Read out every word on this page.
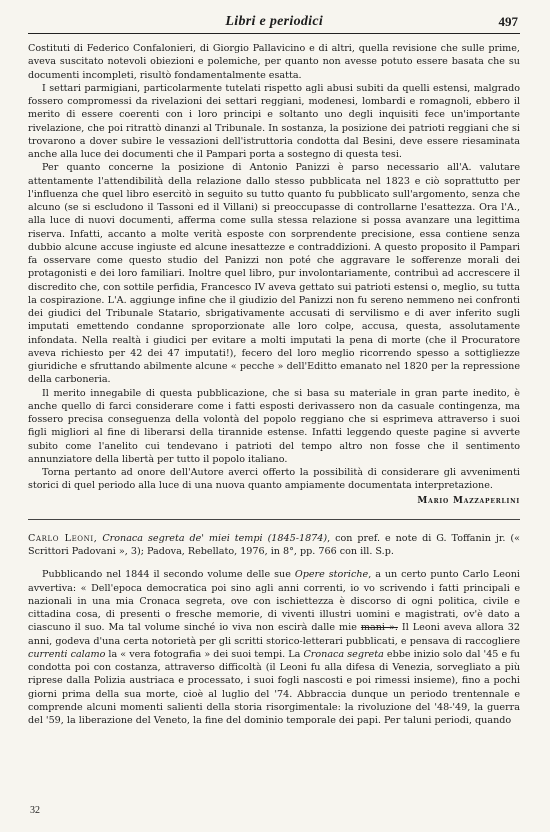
Libri e periodici	497

Costituti di Federico Confalonieri, di Giorgio Pallavicino e di altri, quella revisione che sulle prime, aveva suscitato notevoli obiezioni e polemiche, per quanto non avesse potuto essere basata che su documenti incompleti, risultò fondamentalmente esatta.

I settari parmigiani, particolarmente tutelati rispetto agli abusi subiti da quelli estensi, malgrado fossero compromessi da rivelazioni dei settari reggiani, modenesi, lombardi e romagnoli, ebbero il merito di essere coerenti con i loro principi e soltanto uno degli inquisiti fece un'importante rivelazione, che poi ritrattò dinanzi al Tribunale. In sostanza, la posizione dei patrioti reggiani che si trovarono a dover subire le vessazioni dell'istruttoria condotta dal Besini, deve essere riesaminata anche alla luce dei documenti che il Pampari porta a sostegno di questa tesi.

Per quanto concerne la posizione di Antonio Panizzi è parso necessario all'A. valutare attentamente l'attendibilità della relazione dallo stesso pubblicata nel 1823 e ciò soprattutto per l'influenza che quel libro esercitò in seguito su tutto quanto fu pubblicato sull'argomento, senza che alcuno (se si escludono il Tassoni ed il Villani) si preoccupasse di controllarne l'esattezza. Ora l'A., alla luce di nuovi documenti, afferma come sulla stessa relazione si possa avanzare una legittima riserva. Infatti, accanto a molte verità esposte con sorprendente precisione, essa contiene senza dubbio alcune accuse ingiuste ed alcune inesattezze e contraddizioni. A questo proposito il Pampari fa osservare come questo studio del Panizzi non poté che aggravare le sofferenze morali dei protagonisti e dei loro familiari. Inoltre quel libro, pur involontariamente, contribuì ad accrescere il discredito che, con sottile perfidia, Francesco IV aveva gettato sui patrioti estensi o, meglio, su tutta la cospirazione. L'A. aggiunge infine che il giudizio del Panizzi non fu sereno nemmeno nei confronti dei giudici del Tribunale Statario, sbrigativamente accusati di servilismo e di aver inferito sugli imputati emettendo condanne sproporzionate alle loro colpe, accusa, questa, assolutamente infondata. Nella realtà i giudici per evitare a molti imputati la pena di morte (che il Procuratore aveva richiesto per 42 dei 47 imputati!), fecero del loro meglio ricorrendo spesso a sottigliezze giuridiche e sfruttando abilmente alcune « pecche » dell'Editto emanato nel 1820 per la repressione della carboneria.

Il merito innegabile di questa pubblicazione, che si basa su materiale in gran parte inedito, è anche quello di farci considerare come i fatti esposti derivassero non da casuale contingenza, ma fossero precisa conseguenza della volontà del popolo reggiano che si esprimeva attraverso i suoi figli migliori al fine di liberarsi della tirannide estense. Infatti leggendo queste pagine si avverte subito come l'anelito cui tendevano i patrioti del tempo altro non fosse che il sentimento annunziatore della libertà per tutto il popolo italiano.

Torna pertanto ad onore dell'Autore averci offerto la possibilità di considerare gli avvenimenti storici di quel periodo alla luce di una nuova quanto ampiamente documentata interpretazione.

Mario Mazzaperlini
Carlo Leoni, Cronaca segreta de' miei tempi (1845-1874), con pref. e note di G. Toffanin jr. (« Scrittori Padovani », 3); Padova, Rebellato, 1976, in 8°, pp. 766 con ill. S.p.

Pubblicando nel 1844 il secondo volume delle sue Opere storiche, a un certo punto Carlo Leoni avvertiva: « Dell'epoca democratica poi sino agli anni correnti, io vo scrivendo i fatti principali e nazionali in una mia Cronaca segreta, ove con ischiettezza è discorso di ogni politica, civile e cittadina cosa, di presenti o fresche memorie, di viventi illustri uomini e magistrati, ov'è dato a ciascuno il suo. Ma tal volume sinché io viva non escirà dalle mie mani ». Il Leoni aveva allora 32 anni, godeva d'una certa notorietà per gli scritti storico-letterari pubblicati, e pensava di raccogliere currenti calamo la « vera fotografia » dei suoi tempi. La Cronaca segreta ebbe inizio solo dal '45 e fu condotta poi con costanza, attraverso difficoltà (il Leoni fu alla difesa di Venezia, sorvegliato a più riprese dalla Polizia austriaca e processato, i suoi fogli nascosti e poi rimessi insieme), fino a pochi giorni prima della sua morte, cioè al luglio del '74. Abbraccia dunque un periodo trentennale e comprende alcuni momenti salienti della storia risorgimentale: la rivoluzione del '48-'49, la guerra del '59, la liberazione del Veneto, la fine del dominio temporale dei papi. Per taluni periodi, quando

32
